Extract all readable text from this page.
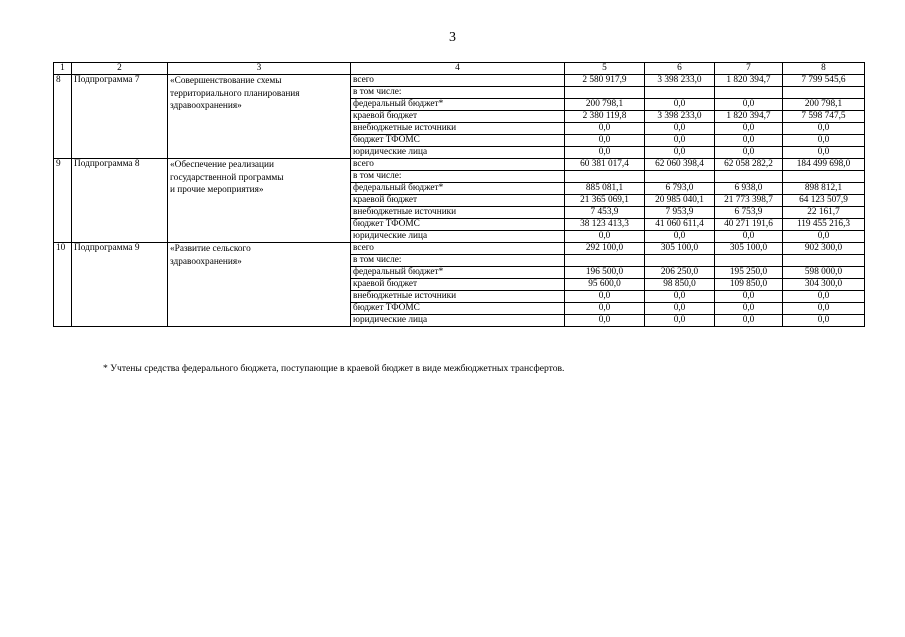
3
1	2	3	4	5	6	7	8
8	Подпрограмма 7	«Совершенствование схемы
территориального планирования
здравоохранения»	всего	2 580 917,9	3 398 233,0	1 820 394,7	7 799 545,6
			в том числе:				
			федеральный бюджет*	200 798,1	0,0	0,0	200 798,1
			краевой бюджет	2 380 119,8	3 398 233,0	1 820 394,7	7 598 747,5
			внебюджетные источники	0,0	0,0	0,0	0,0
			бюджет ТФОМС	0,0	0,0	0,0	0,0
			юридические лица	0,0	0,0	0,0	0,0
9	Подпрограмма 8	«Обеспечение реализации
государственной программы
и прочие мероприятия»	всего	60 381 017,4	62 060 398,4	62 058 282,2	184 499 698,0
			в том числе:				
			федеральный бюджет*	885 081,1	6 793,0	6 938,0	898 812,1
			краевой бюджет	21 365 069,1	20 985 040,1	21 773 398,7	64 123 507,9
			внебюджетные источники	7 453,9	7 953,9	6 753,9	22 161,7
			бюджет ТФОМС	38 123 413,3	41 060 611,4	40 271 191,6	119 455 216,3
			юридические лица	0,0	0,0	0,0	0,0
10	Подпрограмма 9	«Развитие сельского
здравоохранения»	всего	292 100,0	305 100,0	305 100,0	902 300,0
			в том числе:				
			федеральный бюджет*	196 500,0	206 250,0	195 250,0	598 000,0
			краевой бюджет	95 600,0	98 850,0	109 850,0	304 300,0
			внебюджетные источники	0,0	0,0	0,0	0,0
			бюджет ТФОМС	0,0	0,0	0,0	0,0
			юридические лица	0,0	0,0	0,0	0,0
* Учтены средства федерального бюджета, поступающие в краевой бюджет в виде межбюджетных трансфертов.
